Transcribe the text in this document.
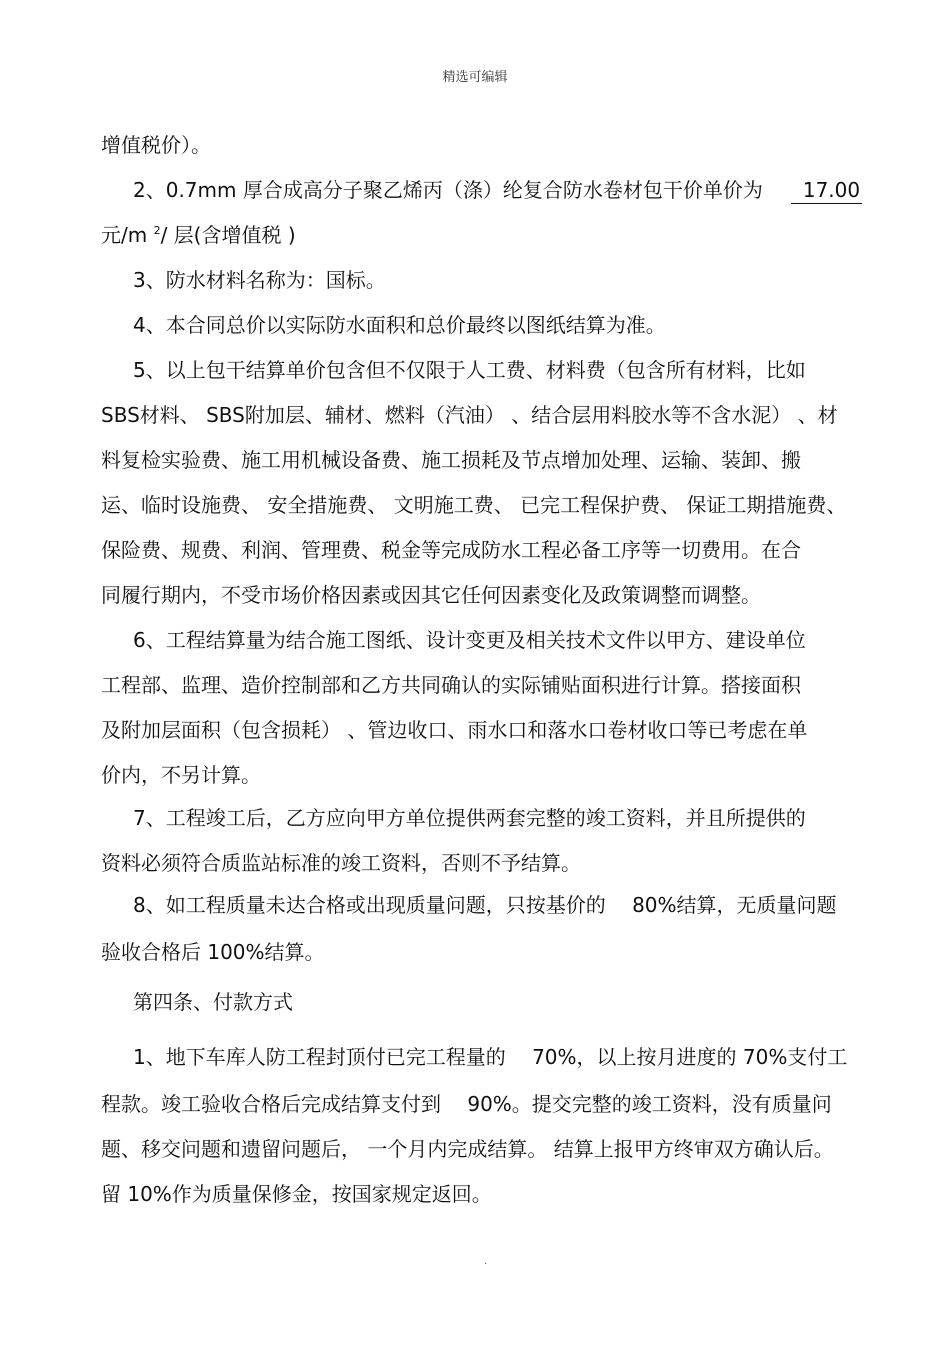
精选可编辑
增值税价）。
2、0.7mm 厚合成高分子聚乙烯丙（涤）纶复合防水卷材包干价单价为 17.00
元/m $^2$/ 层(含增值税 )
3、防水材料名称为：国标。
4、本合同总价以实际防水面积和总价最终以图纸结算为准。
5、以上包干结算单价包含但不仅限于人工费、材料费（包含所有材料，比如
SBS材料、 SBS附加层、辅材、燃料（汽油） 、结合层用料胶水等不含水泥） 、材
料复检实验费、施工用机械设备费、施工损耗及节点增加处理、运输、装卸、搬
运、临时设施费、 安全措施费、 文明施工费、 已完工程保护费、 保证工期措施费、
保险费、规费、利润、管理费、税金等完成防水工程必备工序等一切费用。在合
同履行期内，不受市场价格因素或因其它任何因素变化及政策调整而调整。
6、工程结算量为结合施工图纸、设计变更及相关技术文件以甲方、建设单位
工程部、监理、造价控制部和乙方共同确认的实际铺贴面积进行计算。搭接面积
及附加层面积（包含损耗） 、管边收口、雨水口和落水口卷材收口等已考虑在单
价内，不另计算。
7、工程竣工后，乙方应向甲方单位提供两套完整的竣工资料，并且所提供的
资料必须符合质监站标准的竣工资料，否则不予结算。
8、如工程质量未达合格或出现质量问题，只按基价的　 80%结算，无质量问题
验收合格后 100%结算。
第四条、付款方式
1、地下车库人防工程封顶付已完工程量的　 70%，以上按月进度的 70%支付工
程款。竣工验收合格后完成结算支付到　 90%。提交完整的竣工资料，没有质量问
题、移交问题和遗留问题后， 一个月内完成结算。 结算上报甲方终审双方确认后。
留 10%作为质量保修金，按国家规定返回。
.
